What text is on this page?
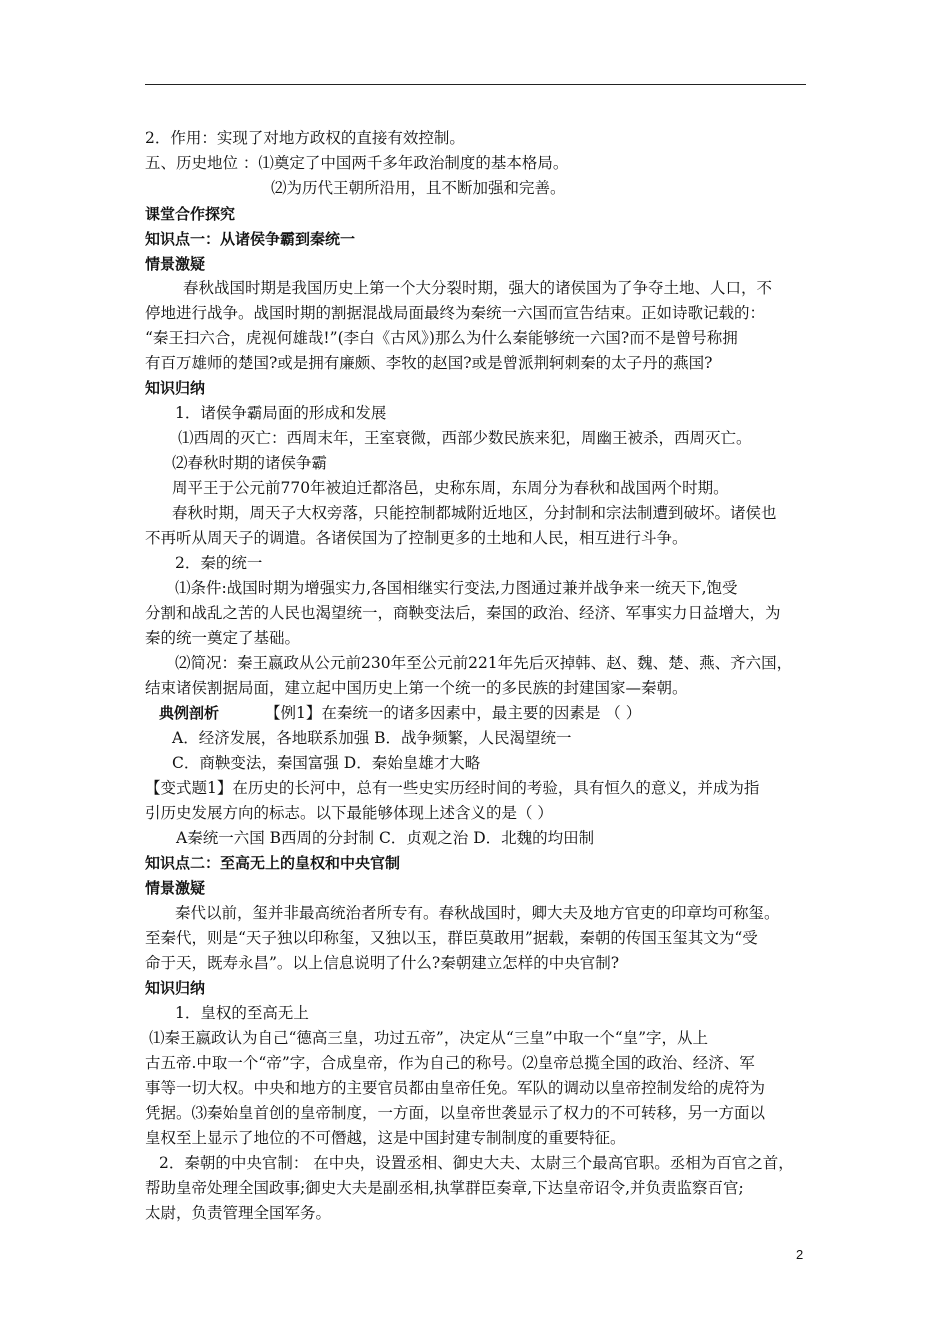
2．作用：实现了对地方政权的直接有效控制。
五、历史地位 ：⑴奠定了中国两千多年政治制度的基本格局。
⑵为历代王朝所沿用，且不断加强和完善。
课堂合作探究
知识点一：从诸侯争霸到秦统一
情景激疑
春秋战国时期是我国历史上第一个大分裂时期，强大的诸侯国为了争夺土地、人口，不
停地进行战争。战国时期的割据混战局面最终为秦统一六国而宣告结束。正如诗歌记载的：
“秦王扫六合，虎视何雄哉!”(李白《古风》)那么为什么秦能够统一六国?而不是曾号称拥
有百万雄师的楚国?或是拥有廉颇、李牧的赵国?或是曾派荆轲刺秦的太子丹的燕国?
知识归纳
1．诸侯争霸局面的形成和发展
⑴西周的灭亡：西周末年，王室衰微，西部少数民族来犯，周幽王被杀，西周灭亡。
⑵春秋时期的诸侯争霸
周平王于公元前770年被迫迁都洛邑，史称东周，东周分为春秋和战国两个时期。
春秋时期，周天子大权旁落，只能控制都城附近地区，分封制和宗法制遭到破坏。诸侯也
不再听从周天子的调遣。各诸侯国为了控制更多的土地和人民，相互进行斗争。
2．秦的统一
⑴条件:战国时期为增强实力,各国相继实行变法,力图通过兼并战争来一统天下,饱受
分割和战乱之苦的人民也渴望统一，商鞅变法后，秦国的政治、经济、军事实力日益增大，为
秦的统一奠定了基础。
⑵简况：秦王嬴政从公元前230年至公元前221年先后灭掉韩、赵、魏、楚、燕、齐六国，
结束诸侯割据局面，建立起中国历史上第一个统一的多民族的封建国家—秦朝。
典例剖析	【例1】在秦统一的诸多因素中，最主要的因素是 （ ）
A．经济发展，各地联系加强 B．战争频繁，人民渴望统一
C．商鞅变法，秦国富强 D．秦始皇雄才大略
【变式题1】在历史的长河中，总有一些史实历经时间的考验，具有恒久的意义，并成为指
引历史发展方向的标志。以下最能够体现上述含义的是（ ）
A秦统一六国 B西周的分封制 C．贞观之治 D．北魏的均田制
知识点二：至高无上的皇权和中央官制
情景激疑
秦代以前，玺并非最高统治者所专有。春秋战国时，卿大夫及地方官吏的印章均可称玺。
至秦代，则是“天子独以印称玺，又独以玉，群臣莫敢用”据载，秦朝的传国玉玺其文为“受
命于天，既寿永昌”。以上信息说明了什么?秦朝建立怎样的中央官制?
知识归纳
1．皇权的至高无上
⑴秦王嬴政认为自己“德高三皇，功过五帝”，决定从“三皇”中取一个“皇”字，从上
古五帝.中取一个“帝”字，合成皇帝，作为自己的称号。⑵皇帝总揽全国的政治、经济、军
事等一切大权。中央和地方的主要官员都由皇帝任免。军队的调动以皇帝控制发给的虎符为
凭据。⑶秦始皇首创的皇帝制度，一方面，以皇帝世袭显示了权力的不可转移，另一方面以
皇权至上显示了地位的不可僭越，这是中国封建专制制度的重要特征。
2．秦朝的中央官制： 在中央，设置丞相、御史大夫、太尉三个最高官职。丞相为百官之首，
帮助皇帝处理全国政事;御史大夫是副丞相,执掌群臣奏章,下达皇帝诏令,并负责监察百官;
太尉，负责管理全国军务。
2
